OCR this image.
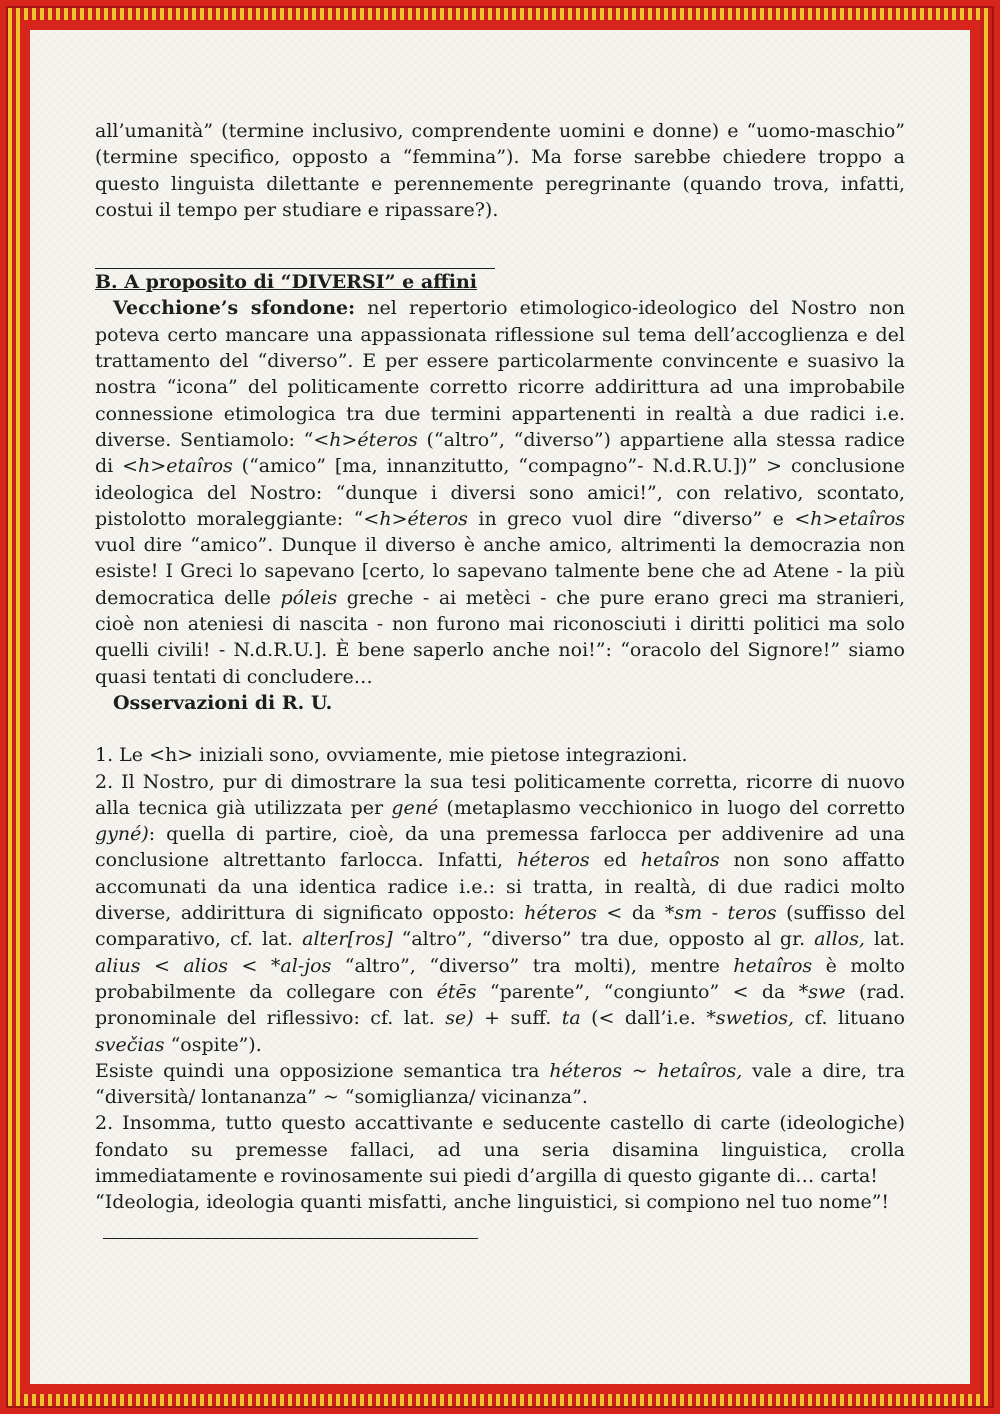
all’umanità” (termine inclusivo, comprendente uomini e donne) e “uomo-maschio” (termine specifico, opposto a “femmina”). Ma forse sarebbe chiedere troppo a questo linguista dilettante e perennemente peregrinante (quando trova, infatti, costui il tempo per studiare e ripassare?).

B. A proposito di “DIVERSI” e affini

Vecchione’s sfondone: nel repertorio etimologico-ideologico del Nostro non poteva certo mancare una appassionata riflessione sul tema dell’accoglienza e del trattamento del “diverso”. E per essere particolarmente convincente e suasivo la nostra “icona” del politicamente corretto ricorre addirittura ad una improbabile connessione etimologica tra due termini appartenenti in realtà a due radici i.e. diverse. Sentiamolo: “<h>éteros (“altro”, “diverso”) appartiene alla stessa radice di <h>etaîros (“amico” [ma, innanzitutto, “compagno”- N.d.R.U.])” > conclusione ideologica del Nostro: “dunque i diversi sono amici!”, con relativo, scontato, pistolotto moraleggiante: “<h>éteros in greco vuol dire “diverso” e <h>etaîros vuol dire “amico”. Dunque il diverso è anche amico, altrimenti la democrazia non esiste! I Greci lo sapevano [certo, lo sapevano talmente bene che ad Atene - la più democratica delle póleis greche - ai metèci - che pure erano greci ma stranieri, cioè non ateniesi di nascita - non furono mai riconosciuti i diritti politici ma solo quelli civili! - N.d.R.U.]. È bene saperlo anche noi!”: “oracolo del Signore!” siamo quasi tentati di concludere…

Osservazioni di R. U.

1. Le <h> iniziali sono, ovviamente, mie pietose integrazioni.

2. Il Nostro, pur di dimostrare la sua tesi politicamente corretta, ricorre di nuovo alla tecnica già utilizzata per gené (metaplasmo vecchionico in luogo del corretto gyné): quella di partire, cioè, da una premessa farlocca per addivenire ad una conclusione altrettanto farlocca. Infatti, héteros ed hetaîros non sono affatto accomunati da una identica radice i.e.: si tratta, in realtà, di due radici molto diverse, addirittura di significato opposto: héteros < da *sm - teros (suffisso del comparativo, cf. lat. alter[ros] “altro”, “diverso” tra due, opposto al gr. allos, lat. alius < alios < *al-jos “altro”, “diverso” tra molti), mentre hetaîros è molto probabilmente da collegare con étēs “parente”, “congiunto” < da *swe (rad. pronominale del riflessivo: cf. lat. se) + suff. ta (< dall’i.e. *swetios, cf. lituano svečias “ospite”).

Esiste quindi una opposizione semantica tra héteros ~ hetaîros, vale a dire, tra “diversità/ lontananza” ~ “somiglianza/ vicinanza”.

2. Insomma, tutto questo accattivante e seducente castello di carte (ideologiche) fondato su premesse fallaci, ad una seria disamina linguistica, crolla immediatamente e rovinosamente sui piedi d’argilla di questo gigante di… carta!

“Ideologia, ideologia quanti misfatti, anche linguistici, si compiono nel tuo nome”!
